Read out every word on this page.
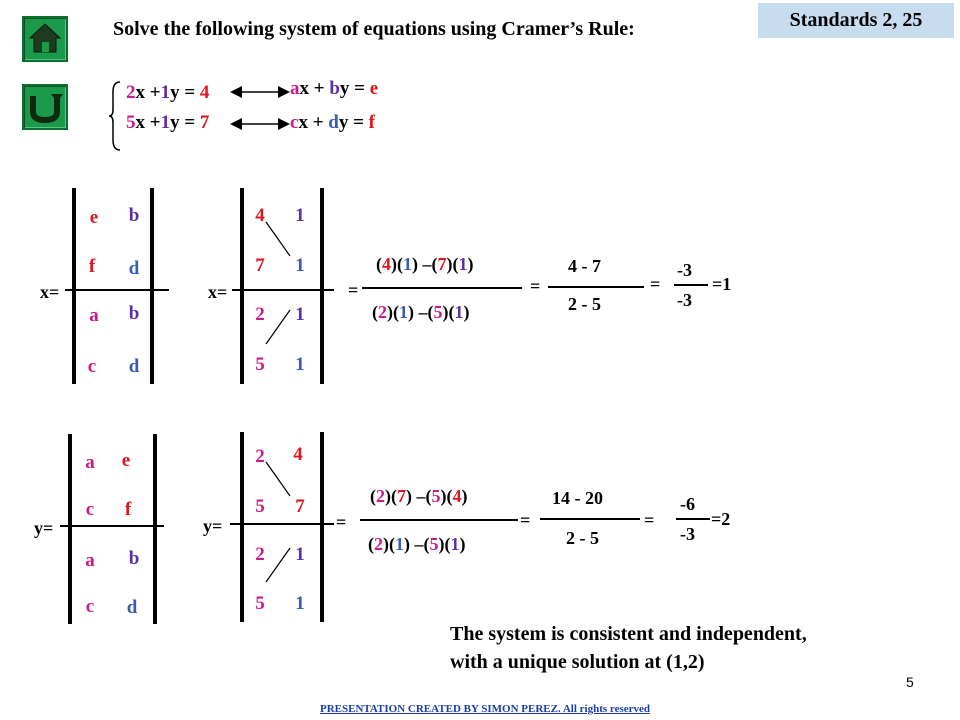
Solve the following system of equations using Cramer’s Rule:	Standards 2, 25
2x +1y = 4
5x +1y = 7
ax + by = e
cx + dy = f
x=
e	b
f	d
a b
c	d
x=
4 1
7 1
2 1
5 1
=
(4)(1) –(7)(1)
(2)(1) –(5)(1)
=
4 - 7
2 - 5
=
-3
-3
=1
y=
a	e
c	f
a b
c	d
y=
2 4
5 7
2 1
5 1
=
(2)(7) –(5)(4)
(2)(1) –(5)(1)
=
14 - 20
2 - 5
=
-6
-3
=2
The system is consistent and independent,
with a unique solution at (1,2)
5
PRESENTATION CREATED BY SIMON PEREZ. All rights reserved
